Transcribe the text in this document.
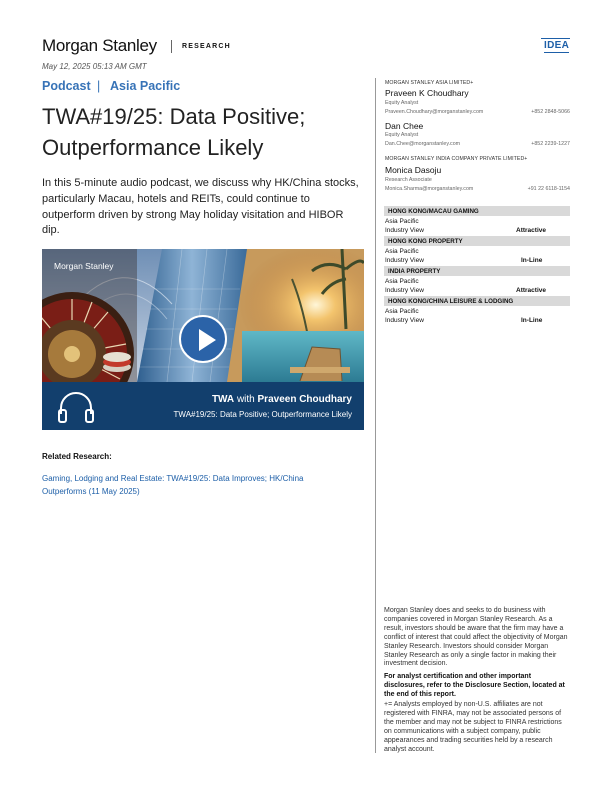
Morgan Stanley	RESEARCH	IDEA
May 12, 2025 05:13 AM GMT
Podcast | Asia Pacific
TWA#19/25: Data Positive; Outperformance Likely
In this 5-minute audio podcast, we discuss why HK/China stocks, particularly Macau, hotels and REITs, could continue to outperform driven by strong May holiday visitation and HIBOR dip.
Morgan Stanley
TWA with Praveen Choudhary
TWA#19/25: Data Positive; Outperformance Likely
Related Research:
Gaming, Lodging and Real Estate: TWA#19/25: Data Improves; HK/China Outperforms (11 May 2025)
MORGAN STANLEY ASIA LIMITED+
Praveen K Choudhary
Equity Analyst
Praveen.Choudhary@morganstanley.com	+852 2848-5066
Dan Chee
Equity Analyst
Dan.Chee@morganstanley.com	+852 2239-1227
MORGAN STANLEY INDIA COMPANY PRIVATE LIMITED+
Monica Dasoju
Research Associate
Monica.Sharma@morganstanley.com	+91 22 6118-1154
HONG KONG/MACAU GAMING
Asia Pacific
Industry View	Attractive
HONG KONG PROPERTY
Asia Pacific
Industry View	In-Line
INDIA PROPERTY
Asia Pacific
Industry View	Attractive
HONG KONG/CHINA LEISURE & LODGING
Asia Pacific
Industry View	In-Line
Morgan Stanley does and seeks to do business with companies covered in Morgan Stanley Research. As a result, investors should be aware that the firm may have a conflict of interest that could affect the objectivity of Morgan Stanley Research. Investors should consider Morgan Stanley Research as only a single factor in making their investment decision.
For analyst certification and other important disclosures, refer to the Disclosure Section, located at the end of this report.
+= Analysts employed by non-U.S. affiliates are not registered with FINRA, may not be associated persons of the member and may not be subject to FINRA restrictions on communications with a subject company, public appearances and trading securities held by a research analyst account.
